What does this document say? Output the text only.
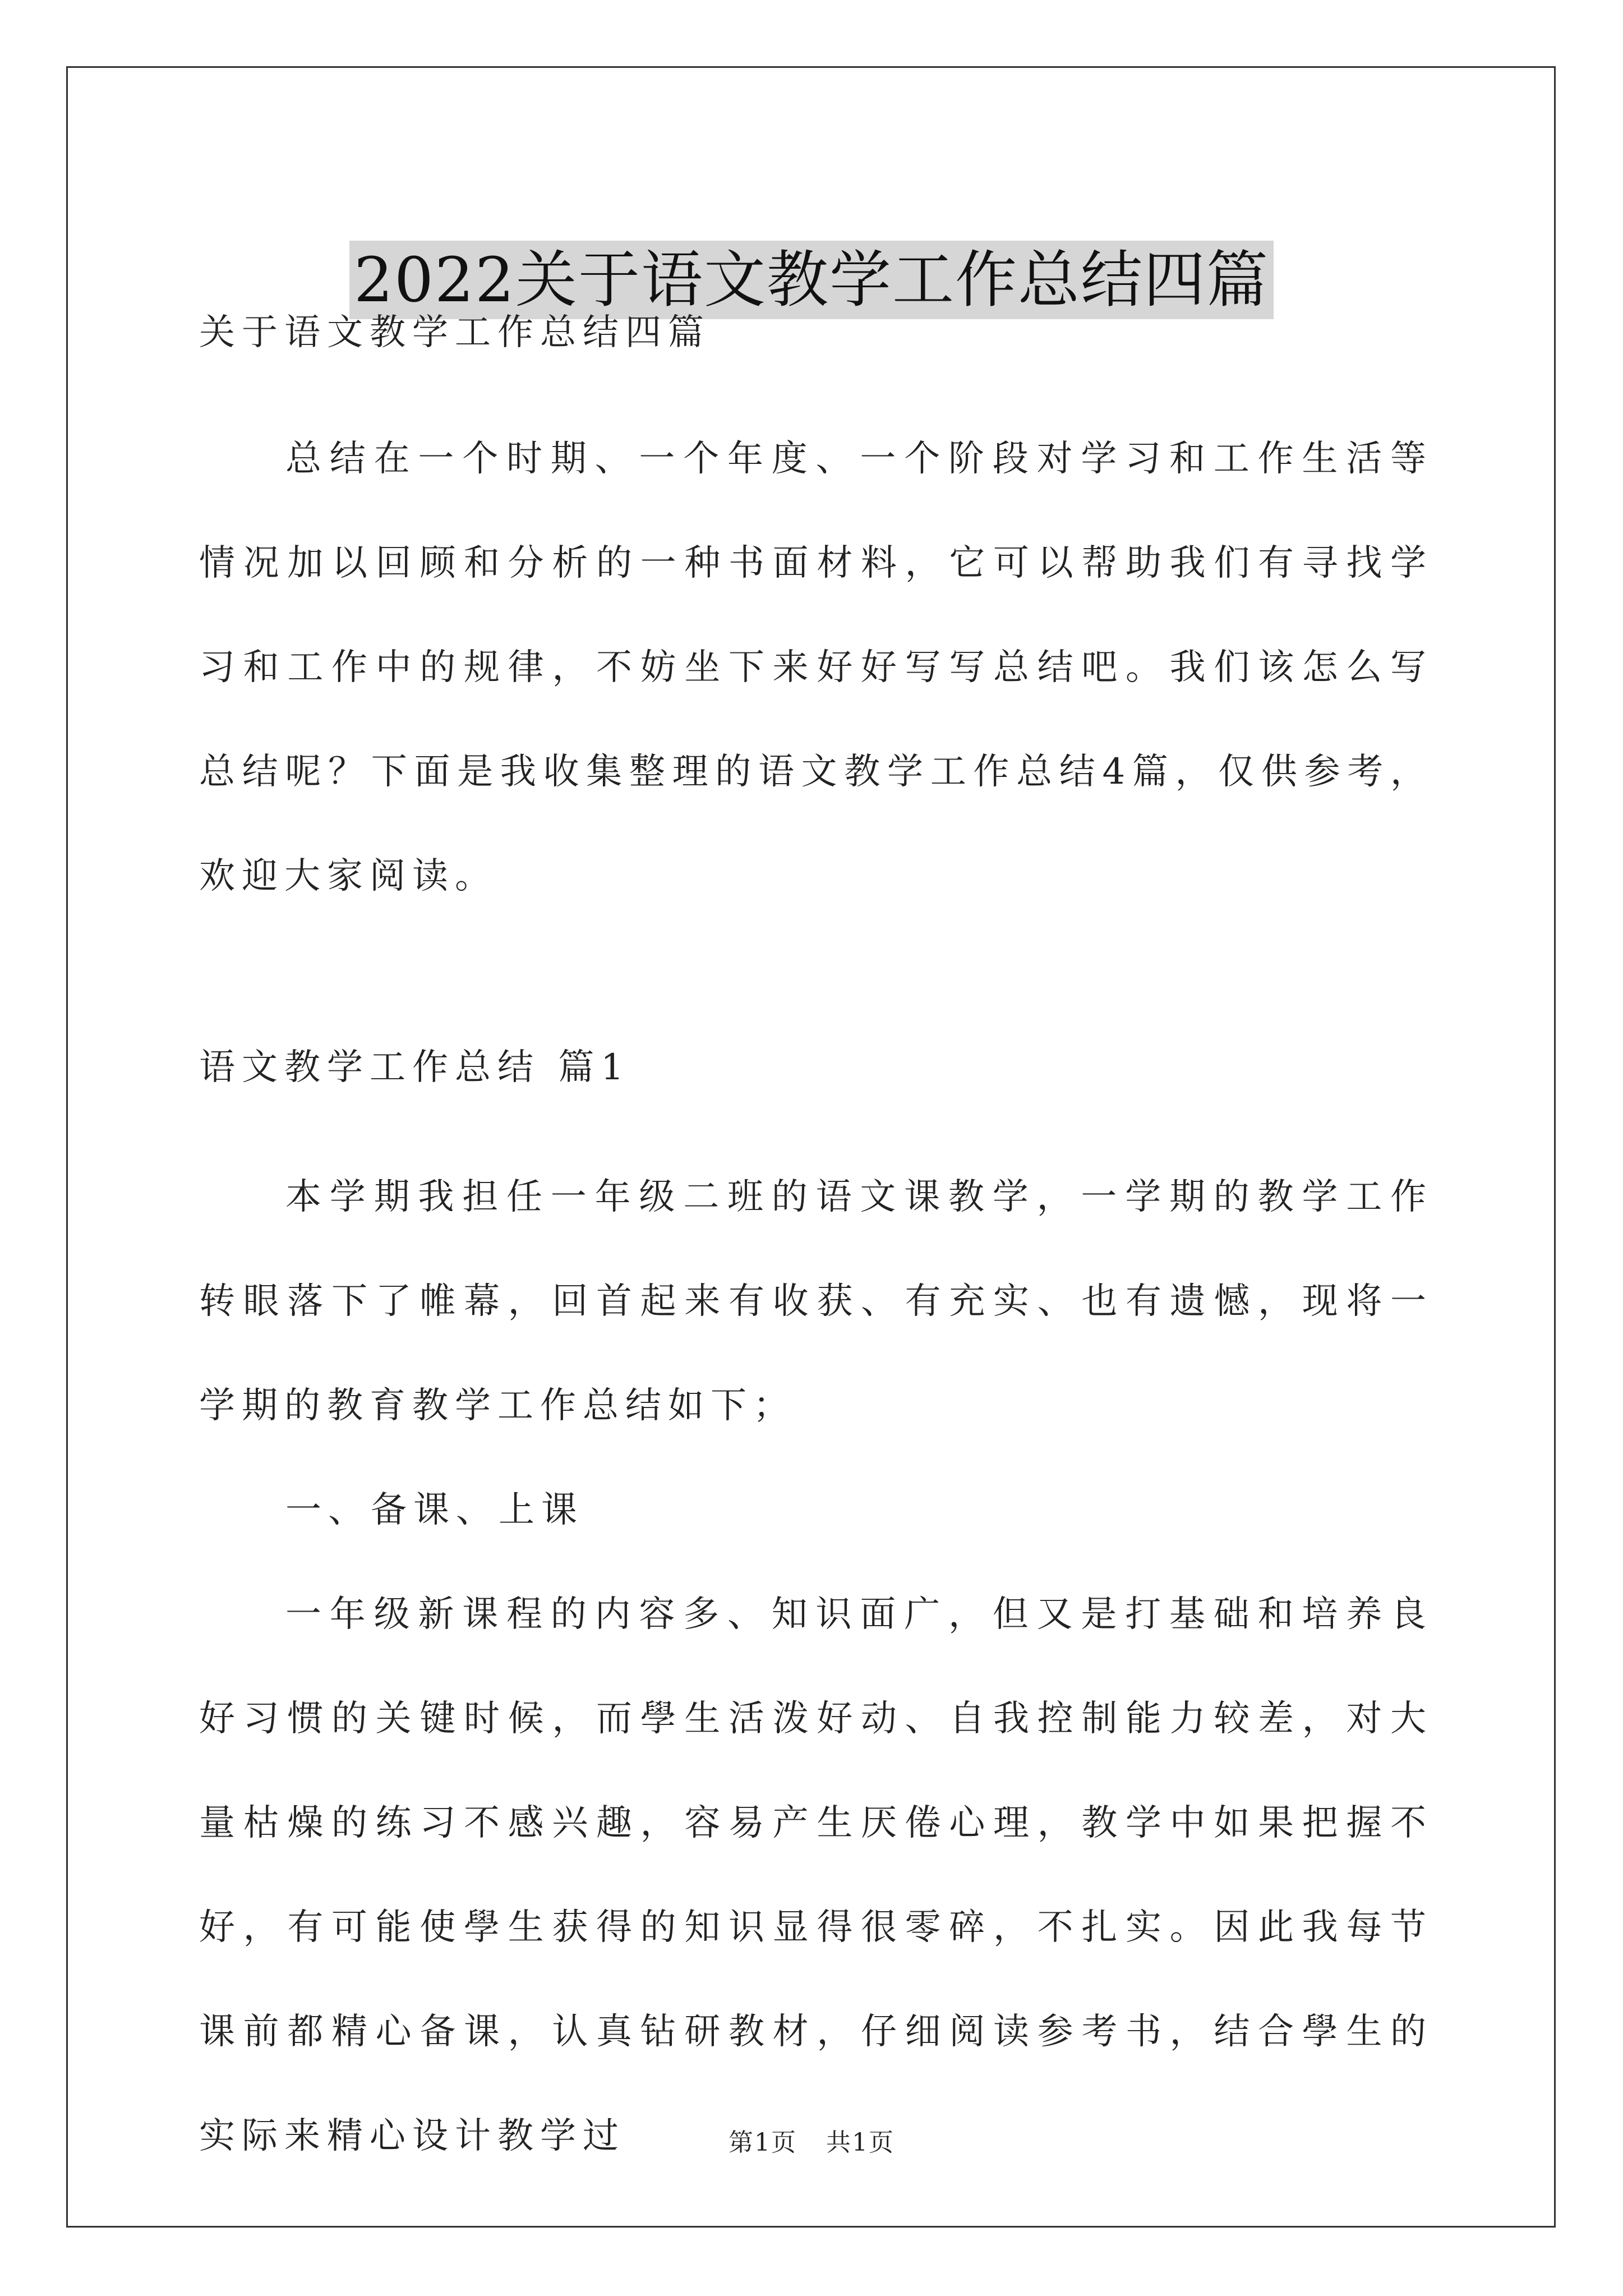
2022关于语文教学工作总结四篇

关于语文教学工作总结四篇

总结在一个时期、一个年度、一个阶段对学习和工作生活等情况加以回顾和分析的一种书面材料，它可以帮助我们有寻找学习和工作中的规律，不妨坐下来好好写写总结吧。我们该怎么写总结呢？下面是我收集整理的语文教学工作总结4篇，仅供参考，欢迎大家阅读。

语文教学工作总结 篇1

本学期我担任一年级二班的语文课教学，一学期的教学工作转眼落下了帷幕，回首起来有收获、有充实、也有遗憾，现将一学期的教育教学工作总结如下；

一、备课、上课

一年级新课程的内容多、知识面广，但又是打基础和培养良好习惯的关键时候，而學生活泼好动、自我控制能力较差，对大量枯燥的练习不感兴趣，容易产生厌倦心理，教学中如果把握不好，有可能使學生获得的知识显得很零碎，不扎实。因此我每节课前都精心备课，认真钻研教材，仔细阅读参考书，结合學生的实际来精心设计教学过	第1页 共1页
